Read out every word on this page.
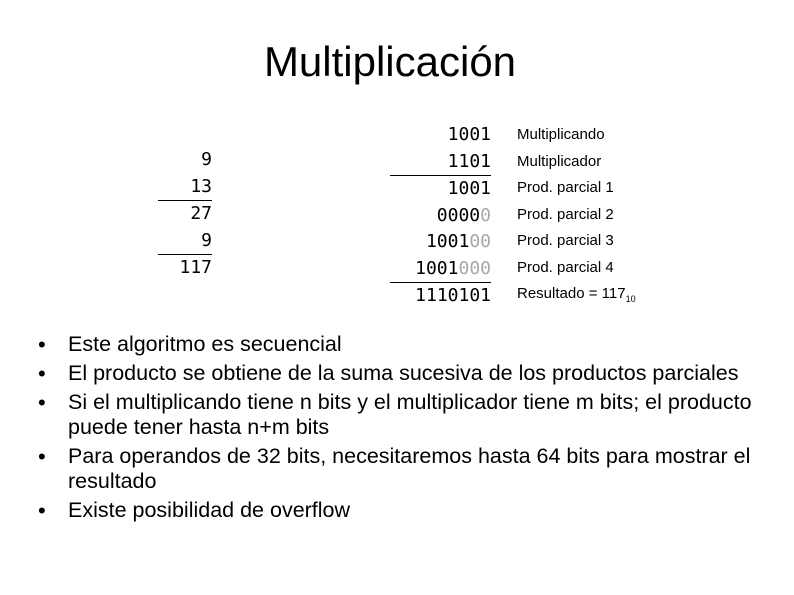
Multiplicación
9
13
27
9
117
1001
1101
1001
00000
100100
1001000
1110101
Multiplicando
Multiplicador
Prod. parcial 1
Prod. parcial 2
Prod. parcial 3
Prod. parcial 4
Resultado = $117_{10}$
• Este algoritmo es secuencial
• El producto se obtiene de la suma sucesiva de los productos parciales
• Si el multiplicando tiene n bits y el multiplicador tiene m bits; el producto puede tener hasta n+m bits
• Para operandos de 32 bits, necesitaremos hasta 64 bits para mostrar el resultado
• Existe posibilidad de overflow
